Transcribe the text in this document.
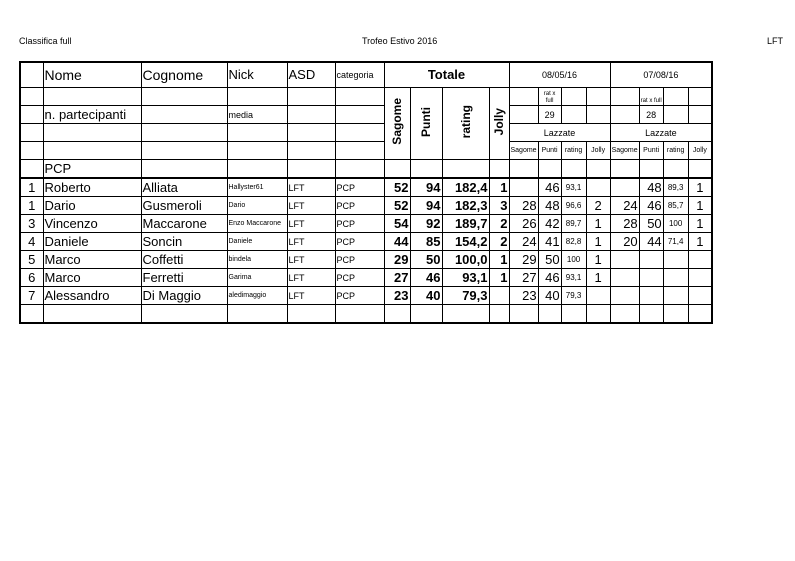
Classifica full	Trofeo Estivo 2016	LFT
	Nome	Cognome	Nick	ASD	categoria	Totale				08/05/16				07/08/16			
						Sagome	Punti	rating	Jolly		rat x full				rat x full		
	n. partecipanti		media								29				28		
										Lazzate				Lazzate			
										Sagome	Punti	rating	Jolly	Sagome	Punti	rating	Jolly
	PCP																
1	Roberto	Alliata	Hallyster61	LFT	PCP	52	94	182,4	1		46	93,1			48	89,3	1
1	Dario	Gusmeroli	Dario	LFT	PCP	52	94	182,3	3	28	48	96,6	2	24	46	85,7	1
3	Vincenzo	Maccarone	Enzo Maccarone	LFT	PCP	54	92	189,7	2	26	42	89,7	1	28	50	100	1
4	Daniele	Soncin	Daniele	LFT	PCP	44	85	154,2	2	24	41	82,8	1	20	44	71,4	1
5	Marco	Coffetti	bindela	LFT	PCP	29	50	100,0	1	29	50	100	1				
6	Marco	Ferretti	Garima	LFT	PCP	27	46	93,1	1	27	46	93,1	1				
7	Alessandro	Di Maggio	aledimaggio	LFT	PCP	23	40	79,3		23	40	79,3					
